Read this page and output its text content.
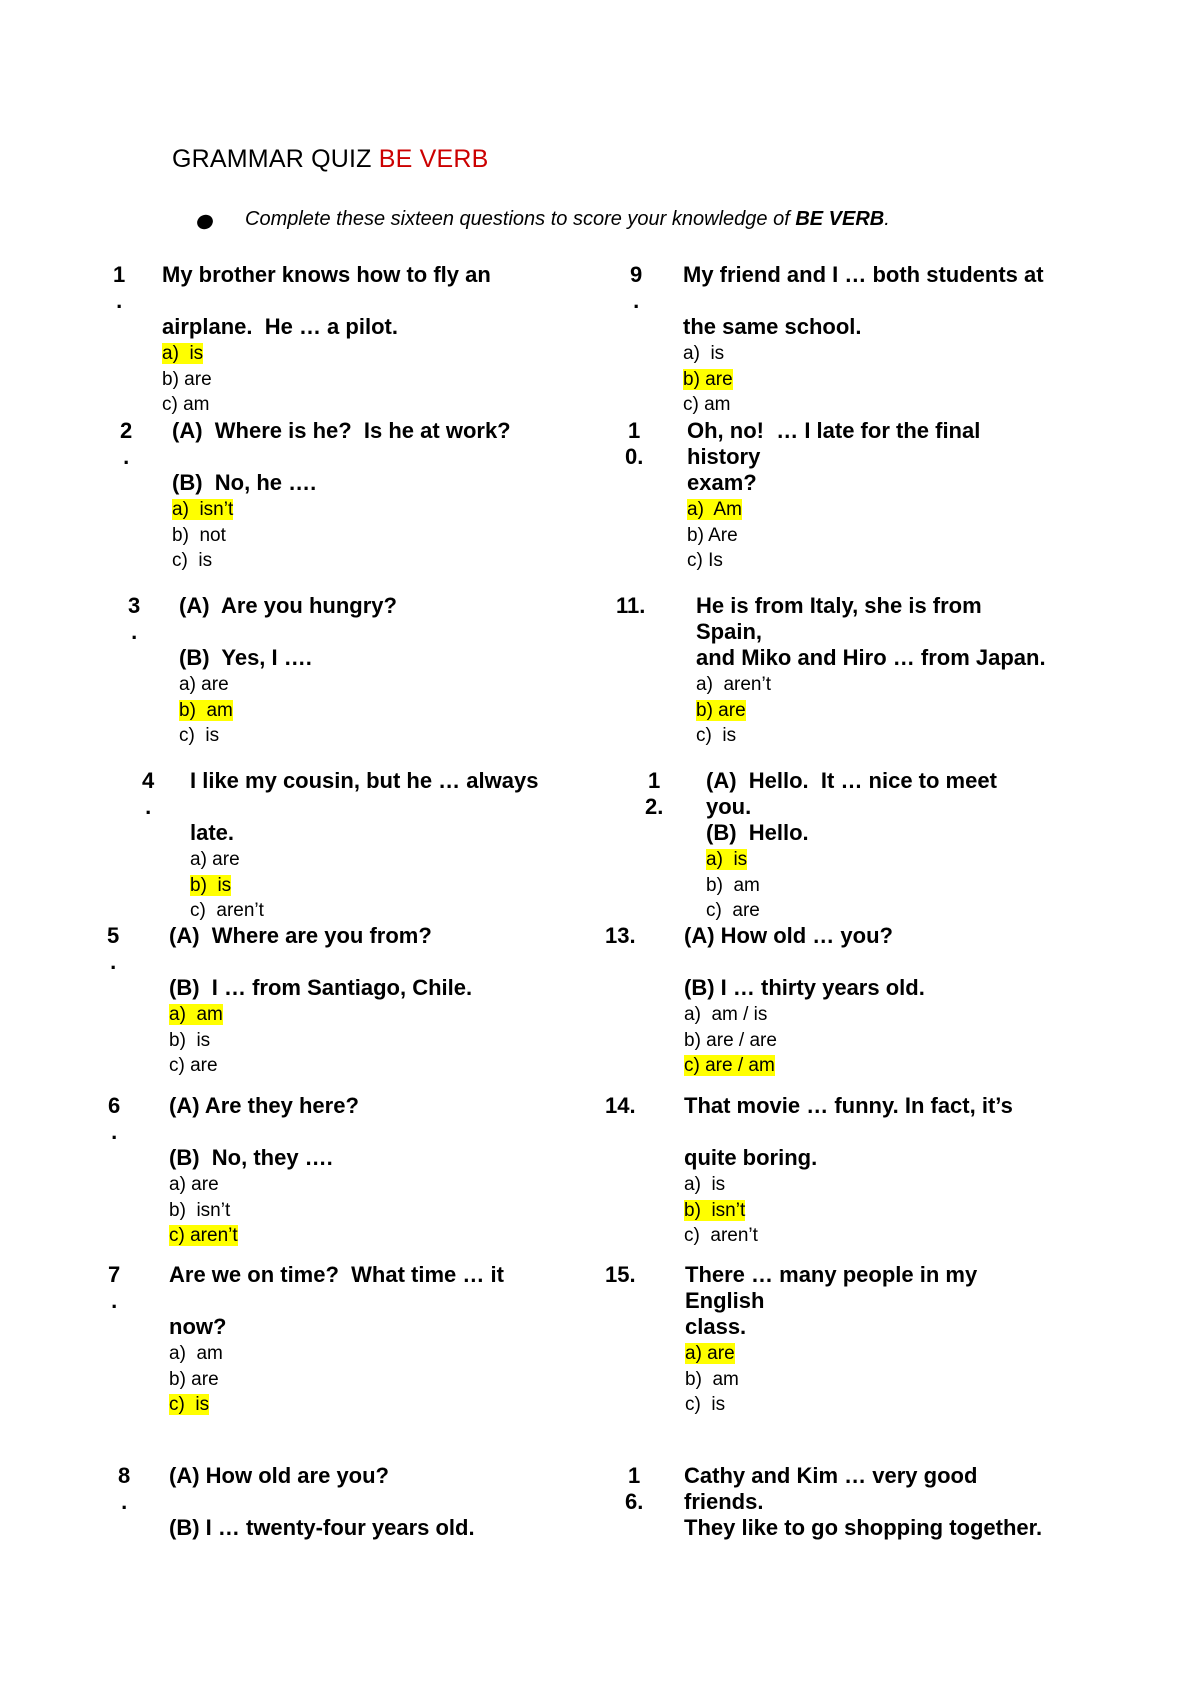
GRAMMAR QUIZ BE VERB
Complete these sixteen questions to score your knowledge of BE VERB.
1
.
My brother knows how to fly an

airplane.  He … a pilot.
a)  is
b) are
c) am
2
.
(A)  Where is he?  Is he at work?

(B)  No, he ….
a)  isn’t
b)  not
c)  is
3
.
(A)  Are you hungry?

(B)  Yes, I ….
a) are
b)  am
c)  is
4
.
I like my cousin, but he … always

late.
a) are
b)  is
c)  aren’t
5
.
(A)  Where are you from?

(B)  I … from Santiago, Chile.
a)  am
b)  is
c) are
6
.
(A) Are they here?

(B)  No, they ….
a) are
b)  isn’t
c) aren’t
7
.
Are we on time?  What time … it

now?
a)  am
b) are
c)  is
8
.
(A) How old are you?

(B) I … twenty-four years old.
9
.
My friend and I … both students at

the same school.
a)  is
b) are
c) am
1
0.
Oh, no!  … I late for the final
history
exam?
a)  Am
b) Are
c) Is
11. He is from Italy, she is from
Spain,
and Miko and Hiro … from Japan.
a)  aren’t
b) are
c)  is
1
2.
(A)  Hello.  It … nice to meet
you.
(B)  Hello.
a)  is
b)  am
c)  are
13. (A) How old … you?

(B) I … thirty years old.
a)  am / is
b) are / are
c) are / am
14. That movie … funny. In fact, it’s

quite boring.
a)  is
b)  isn’t
c)  aren’t
15. There … many people in my
English
class.
a) are
b)  am
c)  is
1
6.
Cathy and Kim … very good
friends.
They like to go shopping together.
